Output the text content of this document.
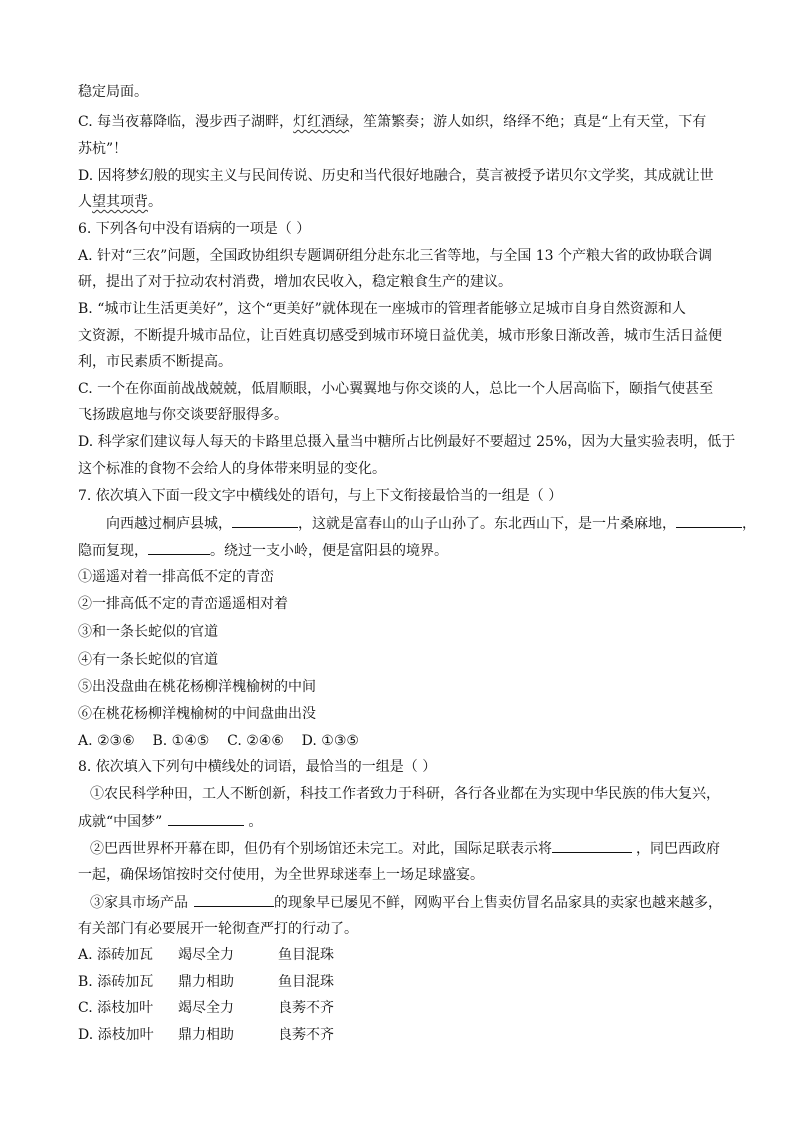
稳定局面。
C. 每当夜幕降临，漫步西子湖畔，灯红酒绿，笙箫繁奏；游人如织，络绎不绝；真是“上有天堂，下有
苏杭”！
D. 因将梦幻般的现实主义与民间传说、历史和当代很好地融合，莫言被授予诺贝尔文学奖，其成就让世
人望其项背。
6. 下列各句中没有语病的一项是（ ）
A. 针对“三农”问题，全国政协组织专题调研组分赴东北三省等地，与全国 13 个产粮大省的政协联合调
研，提出了对于拉动农村消费，增加农民收入，稳定粮食生产的建议。
B. “城市让生活更美好”，这个“更美好”就体现在一座城市的管理者能够立足城市自身自然资源和人
文资源，不断提升城市品位，让百姓真切感受到城市环境日益优美，城市形象日渐改善，城市生活日益便
利，市民素质不断提高。
C. 一个在你面前战战兢兢，低眉顺眼，小心翼翼地与你交谈的人，总比一个人居高临下，颐指气使甚至
飞扬跋扈地与你交谈要舒服得多。
D. 科学家们建议每人每天的卡路里总摄入量当中糖所占比例最好不要超过 25%，因为大量实验表明，低于
这个标准的食物不会给人的身体带来明显的变化。
7. 依次填入下面一段文字中横线处的语句，与上下文衔接最恰当的一组是（ ）
向西越过桐庐县城，	，这就是富春山的山子山孙了。东北西山下，是一片桑麻地，	，
隐而复现，	。绕过一支小岭，便是富阳县的境界。
①遥遥对着一排高低不定的青峦
②一排高低不定的青峦遥遥相对着
③和一条长蛇似的官道
④有一条长蛇似的官道
⑤出没盘曲在桃花杨柳洋槐榆树的中间
⑥在桃花杨柳洋槐榆树的中间盘曲出没
A. ②③⑥    B. ①④⑤    C. ②④⑥    D. ①③⑤
8. 依次填入下列句中横线处的词语，最恰当的一组是（ ）
①农民科学种田，工人不断创新，科技工作者致力于科研，各行各业都在为实现中华民族的伟大复兴，
成就“中国梦”	。
②巴西世界杯开幕在即，但仍有个别场馆还未完工。对此，国际足联表示将	，同巴西政府
一起，确保场馆按时交付使用，为全世界球迷奉上一场足球盛宴。
③家具市场产品	的现象早已屡见不鲜，网购平台上售卖仿冒名品家具的卖家也越来越多，
有关部门有必要展开一轮彻查严打的行动了。
A. 添砖加瓦 竭尽全力	鱼目混珠
B. 添砖加瓦 鼎力相助	鱼目混珠
C. 添枝加叶 竭尽全力	良莠不齐
D. 添枝加叶 鼎力相助	良莠不齐
